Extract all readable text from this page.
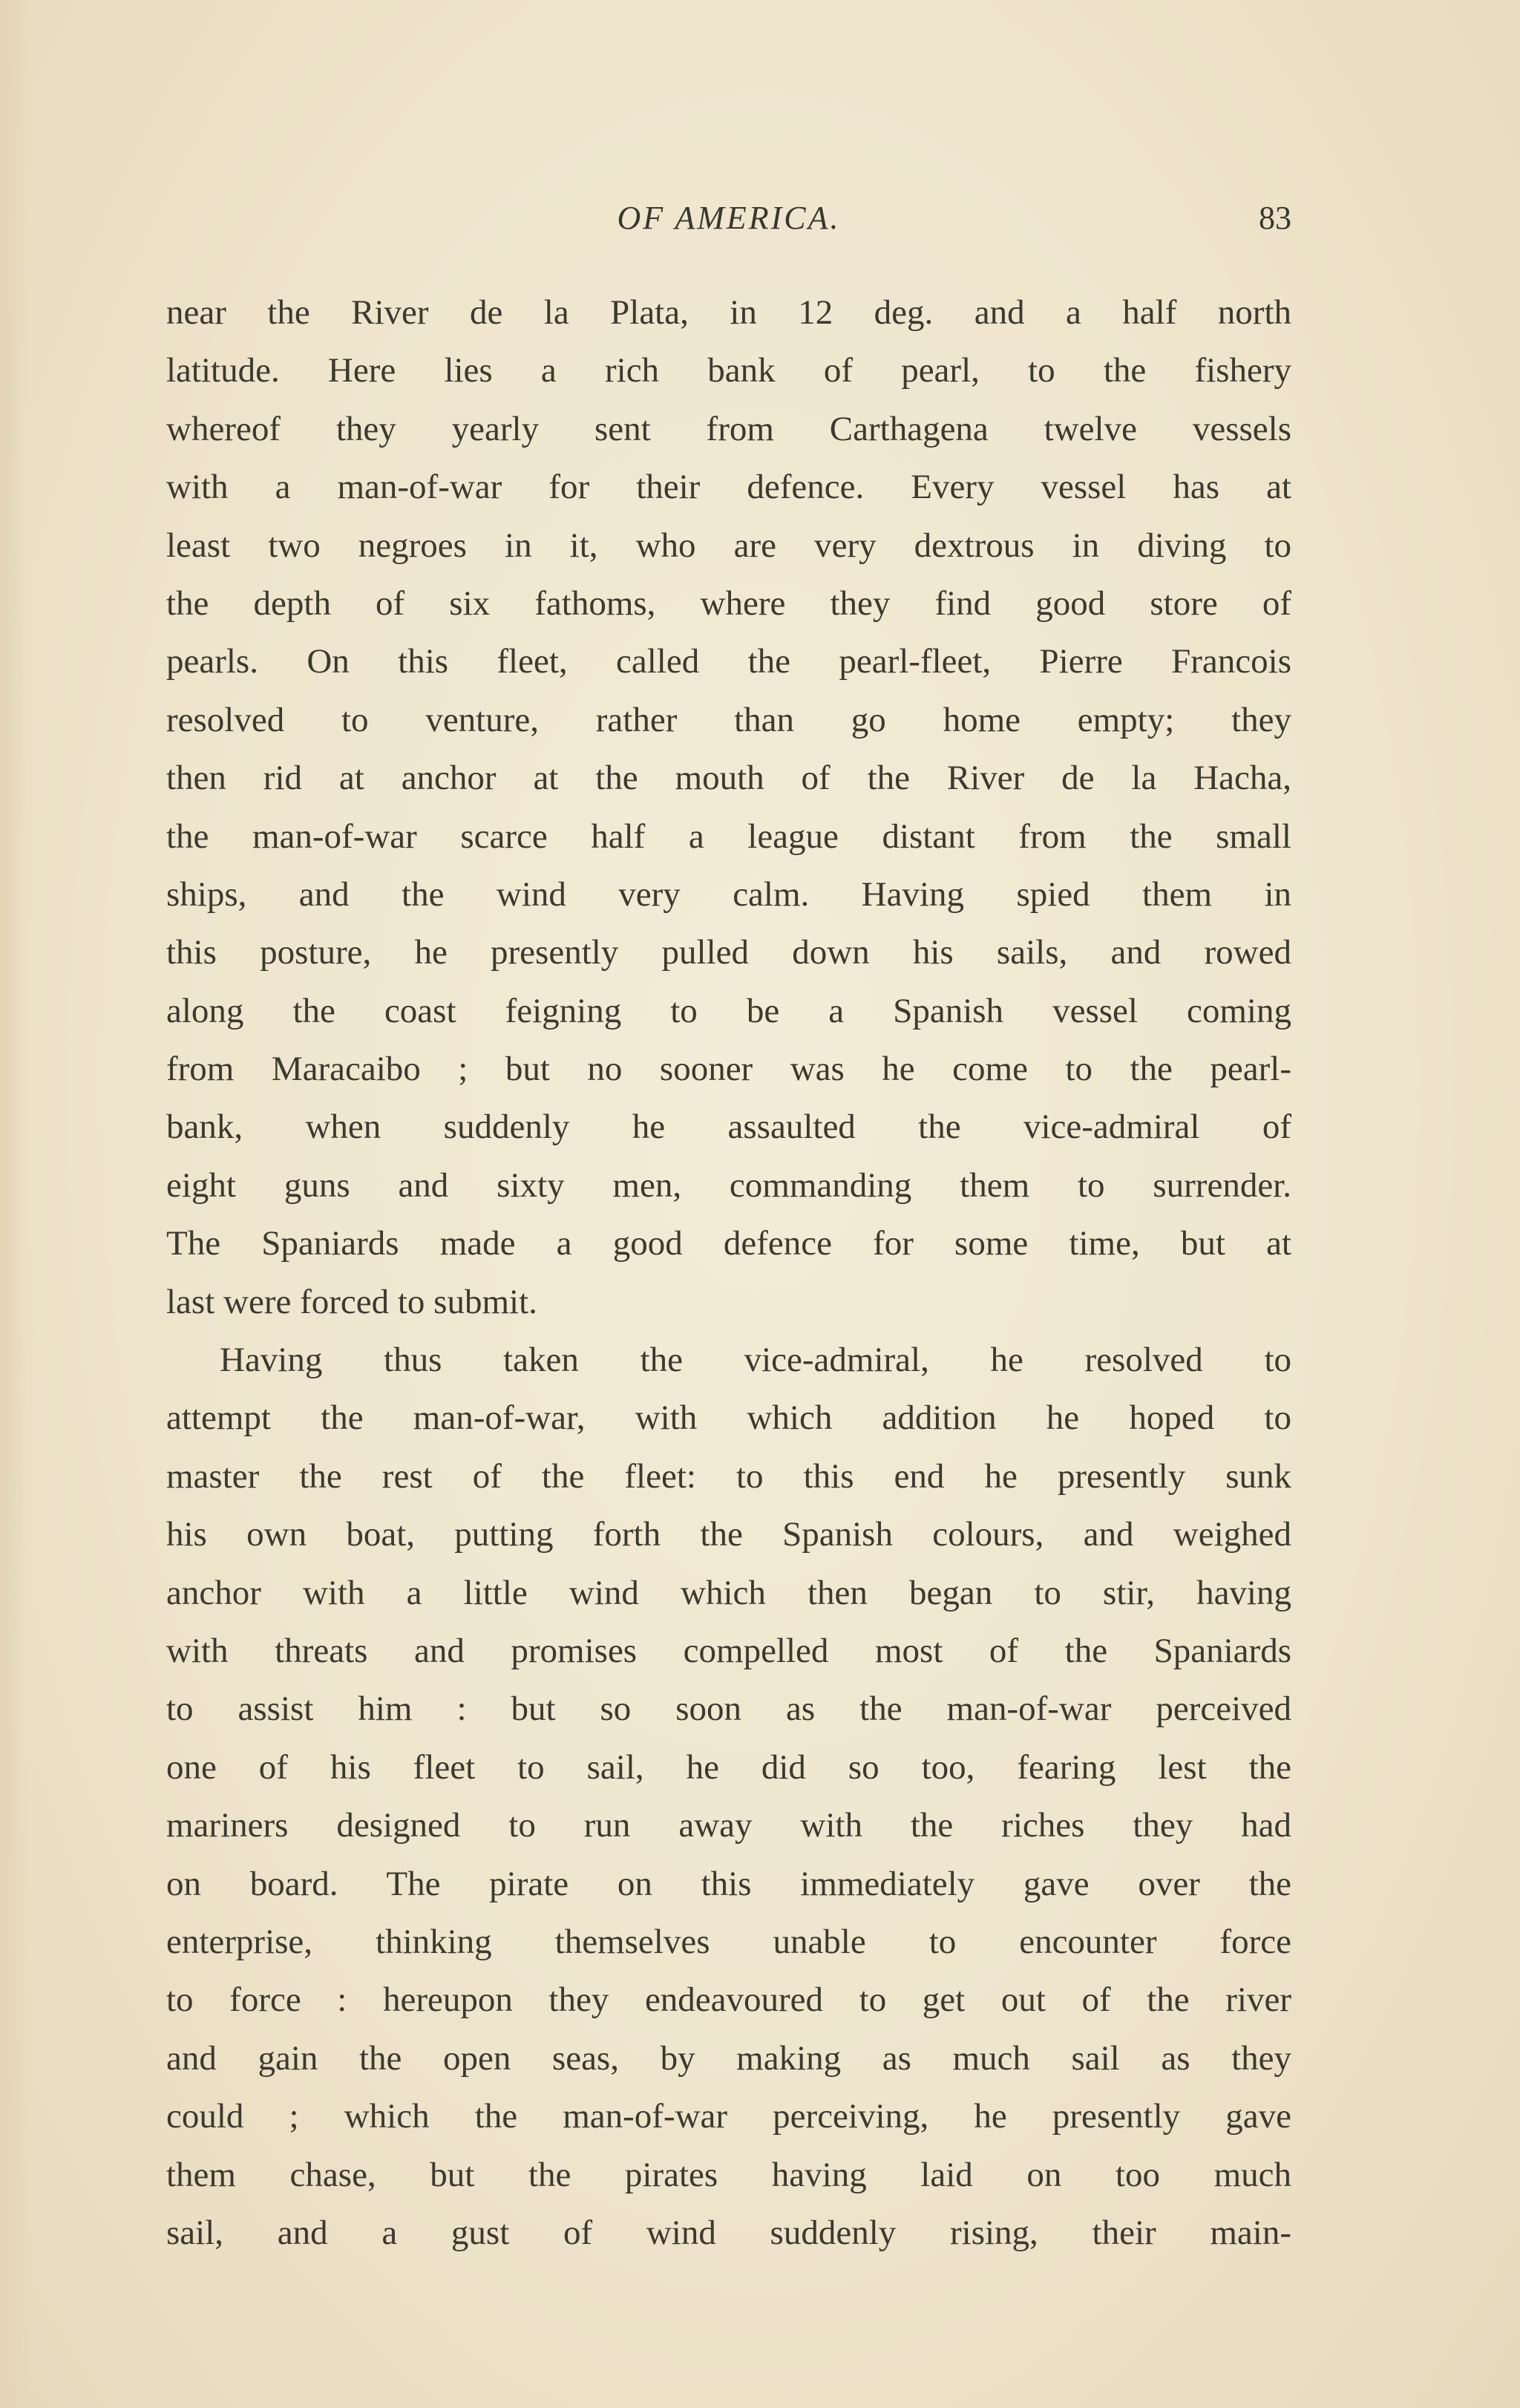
OF AMERICA.	83
near the River de la Plata, in 12 deg. and a half north
latitude. Here lies a rich bank of pearl, to the fishery
whereof they yearly sent from Carthagena twelve vessels
with a man-of-war for their defence. Every vessel has at
least two negroes in it, who are very dextrous in diving to
the depth of six fathoms, where they find good store of
pearls. On this fleet, called the pearl-fleet, Pierre Francois
resolved to venture, rather than go home empty; they
then rid at anchor at the mouth of the River de la Hacha,
the man-of-war scarce half a league distant from the small
ships, and the wind very calm. Having spied them in
this posture, he presently pulled down his sails, and rowed
along the coast feigning to be a Spanish vessel coming
from Maracaibo ; but no sooner was he come to the pearl-
bank, when suddenly he assaulted the vice-admiral of
eight guns and sixty men, commanding them to surrender.
The Spaniards made a good defence for some time, but at
last were forced to submit.
Having thus taken the vice-admiral, he resolved to
attempt the man-of-war, with which addition he hoped to
master the rest of the fleet: to this end he presently sunk
his own boat, putting forth the Spanish colours, and weighed
anchor with a little wind which then began to stir, having
with threats and promises compelled most of the Spaniards
to assist him : but so soon as the man-of-war perceived
one of his fleet to sail, he did so too, fearing lest the
mariners designed to run away with the riches they had
on board. The pirate on this immediately gave over the
enterprise, thinking themselves unable to encounter force
to force : hereupon they endeavoured to get out of the river
and gain the open seas, by making as much sail as they
could ; which the man-of-war perceiving, he presently gave
them chase, but the pirates having laid on too much
sail, and a gust of wind suddenly rising, their main-
